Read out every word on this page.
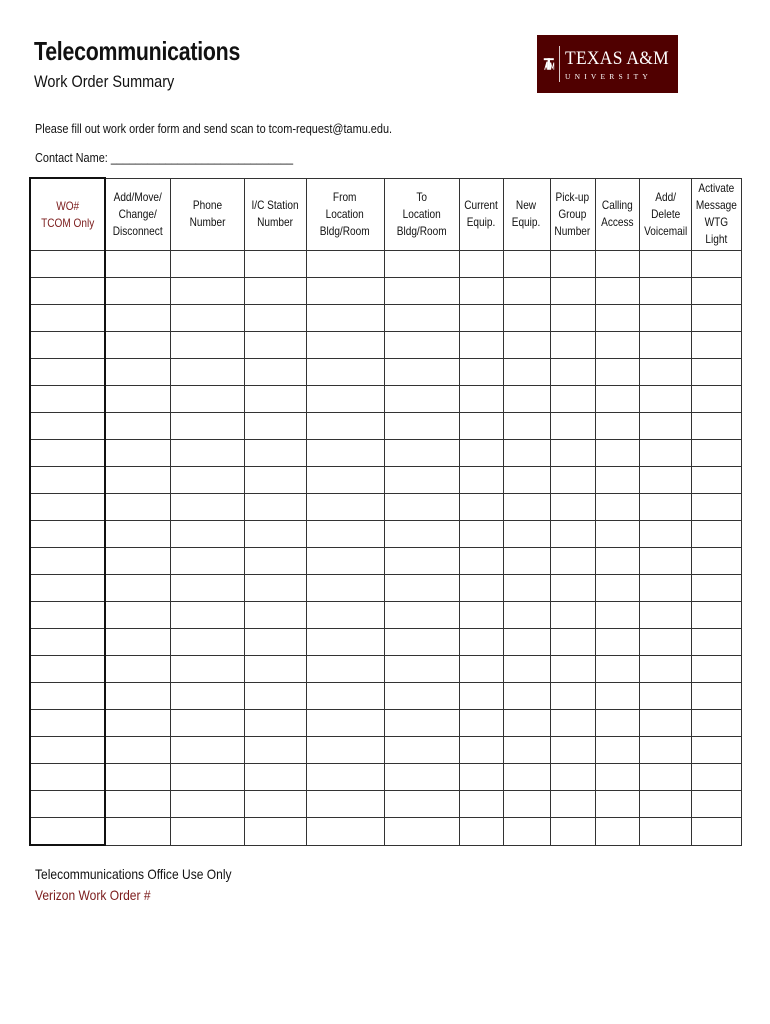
Telecommunications
Work Order Summary
TEXAS A&M
UNIVERSITY
Please fill out work order form and send scan to tcom-request@tamu.edu.
Contact Name: ______________________________
WO#
TCOM Only	Add/Move/
Change/
Disconnect	Phone Number	I/C Station
Number	From
Location
Bldg/Room	To
Location
Bldg/Room	Current
Equip.	New
Equip.	Pick-up
Group
Number	Calling
Access	Add/
Delete
Voicemail	Activate
Message
WTG
Light

Telecommunications Office Use Only
Verizon Work Order #
